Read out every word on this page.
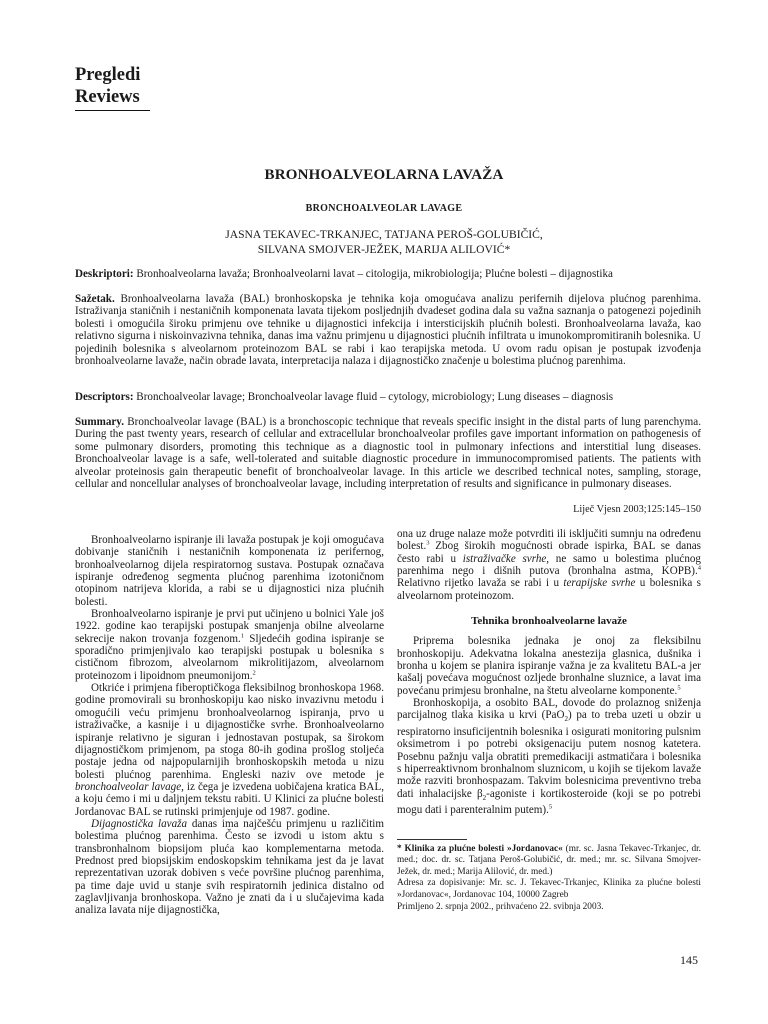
Pregledi
Reviews
BRONHOALVEOLARNA LAVAŽA
BRONCHOALVEOLAR LAVAGE
JASNA TEKAVEC-TRKANJEC, TATJANA PEROŠ-GOLUBIČIĆ,
SILVANA SMOJVER-JEŽEK, MARIJA ALILOVIĆ*
Deskriptori: Bronhoalveolarna lavaža; Bronhoalveolarni lavat – citologija, mikrobiologija; Plućne bolesti – dijagnostika
Sažetak. Bronhoalveolarna lavaža (BAL) bronhoskopska je tehnika koja omogućava analizu perifernih dijelova plućnog parenhima. Istraživanja staničnih i nestaničnih komponenata lavata tijekom posljednjih dvadeset godina dala su važna saznanja o patogenezi pojedinih bolesti i omogućila široku primjenu ove tehnike u dijagnostici infekcija i intersticijskih plućnih bolesti. Bronhoalveolarna lavaža, kao relativno sigurna i niskoinvazivna tehnika, danas ima važnu primjenu u dijagnostici plućnih infiltrata u imunokompromitiranih bolesnika. U pojedinih bolesnika s alveolarnom proteinozom BAL se rabi i kao terapijska metoda. U ovom radu opisan je postupak izvođenja bronhoalveolarne lavaže, način obrade lavata, interpretacija nalaza i dijagnostičko značenje u bolestima plućnog parenhima.
Descriptors: Bronchoalveolar lavage; Bronchoalveolar lavage fluid – cytology, microbiology; Lung diseases – diagnosis
Summary. Bronchoalveolar lavage (BAL) is a bronchoscopic technique that reveals specific insight in the distal parts of lung parenchyma. During the past twenty years, research of cellular and extracellular bronchoalveolar profiles gave important information on pathogenesis of some pulmonary disorders, promoting this technique as a diagnostic tool in pulmonary infections and interstitial lung diseases. Bronchoalveolar lavage is a safe, well-tolerated and suitable diagnostic procedure in immunocompromised patients. The patients with alveolar proteinosis gain therapeutic benefit of bronchoalveolar lavage. In this article we described technical notes, sampling, storage, cellular and noncellular analyses of bronchoalveolar lavage, including interpretation of results and significance in pulmonary diseases.
Liječ Vjesn 2003;125:145–150

Bronhoalveolarno ispiranje ili lavaža postupak je koji omogućava dobivanje staničnih i nestaničnih komponenata iz perifernog, bronhoalveolarnog dijela respiratornog sustava. Postupak označava ispiranje određenog segmenta plućnog parenhima izotoničnom otopinom natrijeva klorida, a rabi se u dijagnostici niza plućnih bolesti.

Bronhoalveolarno ispiranje je prvi put učinjeno u bolnici Yale još 1922. godine kao terapijski postupak smanjenja obilne alveolarne sekrecije nakon trovanja fozgenom.$^1$ Sljedećih godina ispiranje se sporadično primjenjivalo kao terapijski postupak u bolesnika s cističnom fibrozom, alveolarnom mikrolitijazom, alveolarnom proteinozom i lipoidnom pneumonijom.$^2$

Otkriće i primjena fiberoptičkoga fleksibilnog bronhoskopa 1968. godine promovirali su bronhoskopiju kao nisko invazivnu metodu i omogućili veću primjenu bronhoalveolarnog ispiranja, prvo u istraživačke, a kasnije i u dijagnostičke svrhe. Bronhoalveolarno ispiranje relativno je siguran i jednostavan postupak, sa širokom dijagnostičkom primjenom, pa stoga 80-ih godina prošlog stoljeća postaje jedna od najpopularnijih bronhoskopskih metoda u nizu bolesti plućnog parenhima. Engleski naziv ove metode je bronchoalveolar lavage, iz čega je izvedena uobičajena kratica BAL, a koju ćemo i mi u daljnjem tekstu rabiti. U Klinici za plućne bolesti Jordanovac BAL se rutinski primjenjuje od 1987. godine.

Dijagnostička lavaža danas ima najčešću primjenu u različitim bolestima plućnog parenhima. Često se izvodi u istom aktu s transbronhalnom biopsijom pluća kao komplementarna metoda. Prednost pred biopsijskim endoskopskim tehnikama jest da je lavat reprezentativan uzorak dobiven s veće površine plućnog parenhima, pa time daje uvid u stanje svih respiratornih jedinica distalno od zaglavljivanja bronhoskopa. Važno je znati da i u slučajevima kada analiza lavata nije dijagnostička,

ona uz druge nalaze može potvrditi ili isključiti sumnju na određenu bolest.$^3$ Zbog širokih mogućnosti obrade ispirka, BAL se danas često rabi u istraživačke svrhe, ne samo u bolestima plućnog parenhima nego i dišnih putova (bronhalna astma, KOPB).$^4$ Relativno rijetko lavaža se rabi i u terapijske svrhe u bolesnika s alveolarnom proteinozom.

Tehnika bronhoalveolarne lavaže

Priprema bolesnika jednaka je onoj za fleksibilnu bronhoskopiju. Adekvatna lokalna anestezija glasnica, dušnika i bronha u kojem se planira ispiranje važna je za kvalitetu BAL-a jer kašalj povećava mogućnost ozljede bronhalne sluznice, a lavat ima povećanu primjesu bronhalne, na štetu alveolarne komponente.$^5$

Bronhoskopija, a osobito BAL, dovode do prolaznog sniženja parcijalnog tlaka kisika u krvi (PaO$_2$) pa to treba uzeti u obzir u respiratorno insuficijentnih bolesnika i osigurati monitoring pulsnim oksimetrom i po potrebi oksigenaciju putem nosnog katetera. Posebnu pažnju valja obratiti premedikaciji astmatičara i bolesnika s hiperreaktivnom bronhalnom sluznicom, u kojih se tijekom lavaže može razviti bronhospazam. Takvim bolesnicima preventivno treba dati inhalacijske $\beta_2$-agoniste i kortikosteroide (koji se po potrebi mogu dati i parenteralnim putem).$^5$

* Klinika za plućne bolesti »Jordanovac« (mr. sc. Jasna Tekavec-Trkanjec, dr. med.; doc. dr. sc. Tatjana Peroš-Golubičić, dr. med.; mr. sc. Silvana Smojver-Ježek, dr. med.; Marija Alilović, dr. med.)
Adresa za dopisivanje: Mr. sc. J. Tekavec-Trkanjec, Klinika za plućne bolesti »Jordanovac«, Jordanovac 104, 10000 Zagreb
Primljeno 2. srpnja 2002., prihvaćeno 22. svibnja 2003.
145
